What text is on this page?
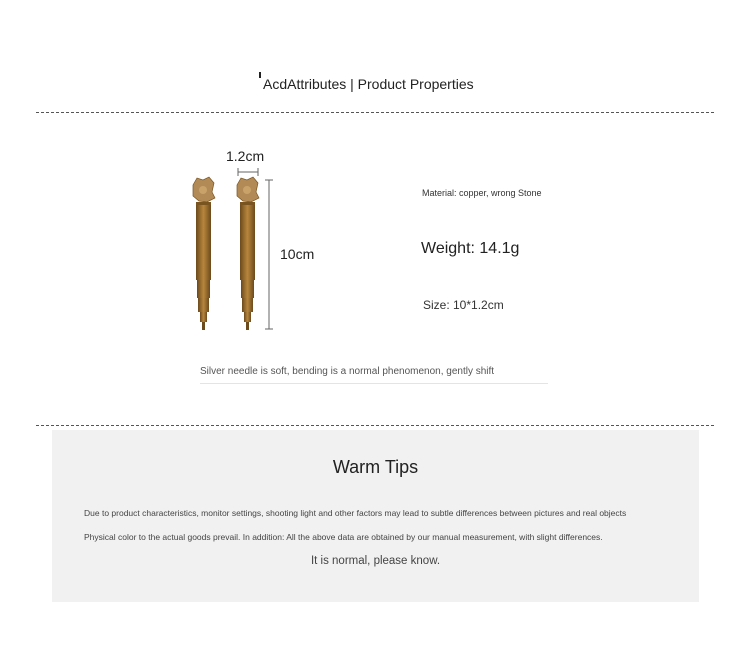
AcdAttributes | Product Properties
1.2cm
10cm
Material: copper, wrong Stone
Weight: 14.1g
Size: 10*1.2cm
Silver needle is soft, bending is a normal phenomenon, gently shift
Warm Tips
Due to product characteristics, monitor settings, shooting light and other factors may lead to subtle differences between pictures and real objects
Physical color to the actual goods prevail. In addition: All the above data are obtained by our manual measurement, with slight differences.
It is normal, please know.
